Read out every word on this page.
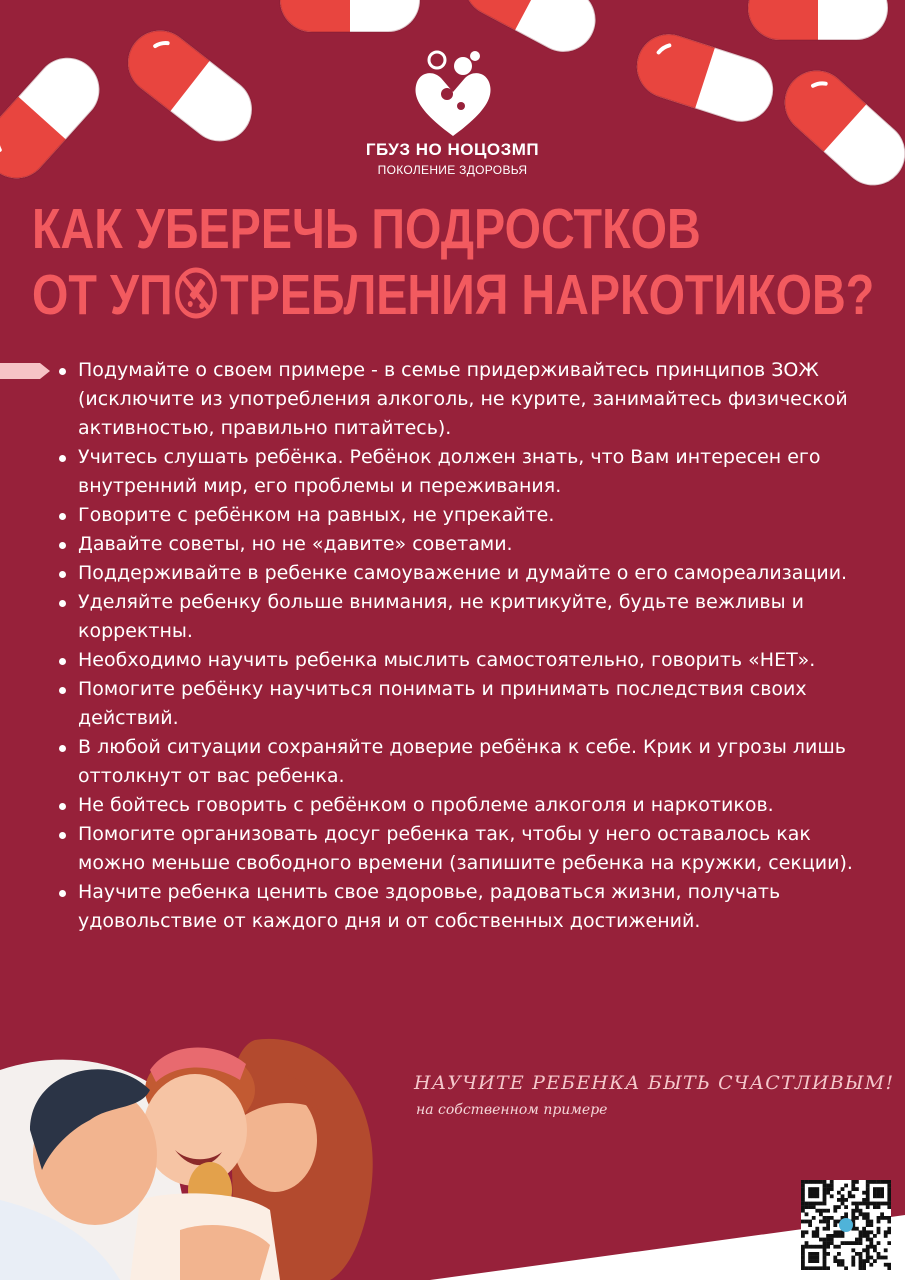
ГБУЗ НО НОЦОЗМП
ПОКОЛЕНИЕ ЗДОРОВЬЯ
КАК УБЕРЕЧЬ ПОДРОСТКОВ
ОТ УП ТРЕБЛЕНИЯ НАРКОТИКОВ?
Подумайте о своем примере - в семье придерживайтесь принципов ЗОЖ (исключите из употребления алкоголь, не курите, занимайтесь физической активностью, правильно питайтесь).
Учитесь слушать ребёнка. Ребёнок должен знать, что Вам интересен его внутренний мир, его проблемы и переживания.
Говорите с ребёнком на равных, не упрекайте.
Давайте советы, но не «давите» советами.
Поддерживайте в ребенке самоуважение и думайте о его самореализации.
Уделяйте ребенку больше внимания, не критикуйте, будьте вежливы и корректны.
Необходимо научить ребенка мыслить самостоятельно, говорить «НЕТ».
Помогите ребёнку научиться понимать и принимать последствия своих действий.
В любой ситуации сохраняйте доверие ребёнка к себе. Крик и угрозы лишь оттолкнут от вас ребенка.
Не бойтесь говорить с ребёнком о проблеме алкоголя и наркотиков.
Помогите организовать досуг ребенка так, чтобы у него оставалось как можно меньше свободного времени (запишите ребенка на кружки, секции).
Научите ребенка ценить свое здоровье, радоваться жизни, получать удовольствие от каждого дня и от собственных достижений.
НАУЧИТЕ РЕБЕНКА БЫТЬ СЧАСТЛИВЫМ!
на собственном примере
